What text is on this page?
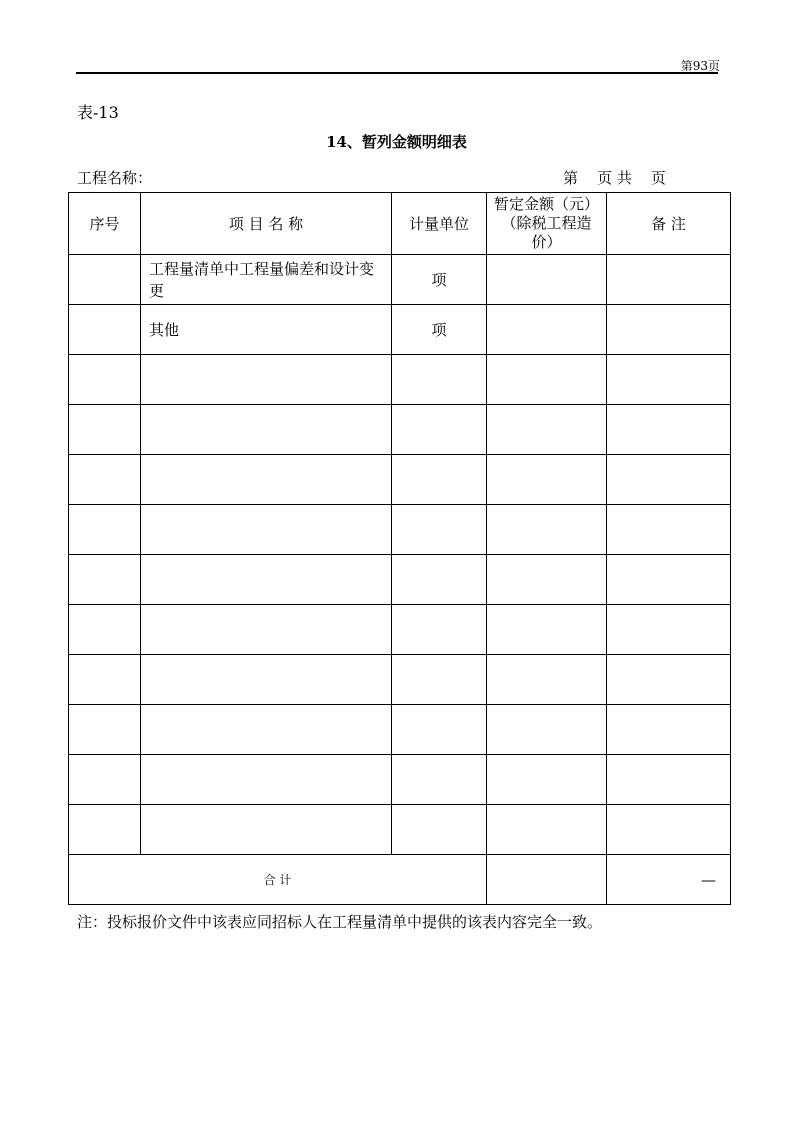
第93页
表-13
14、暂列金额明细表
工程名称：	第    页 共    页
序号	项 目 名 称	计量单位	暂定金额（元）（除税工程造价）	备 注
	工程量清单中工程量偏差和设计变更	项		
	其他	项		

合 计				—
注：投标报价文件中该表应同招标人在工程量清单中提供的该表内容完全一致。
